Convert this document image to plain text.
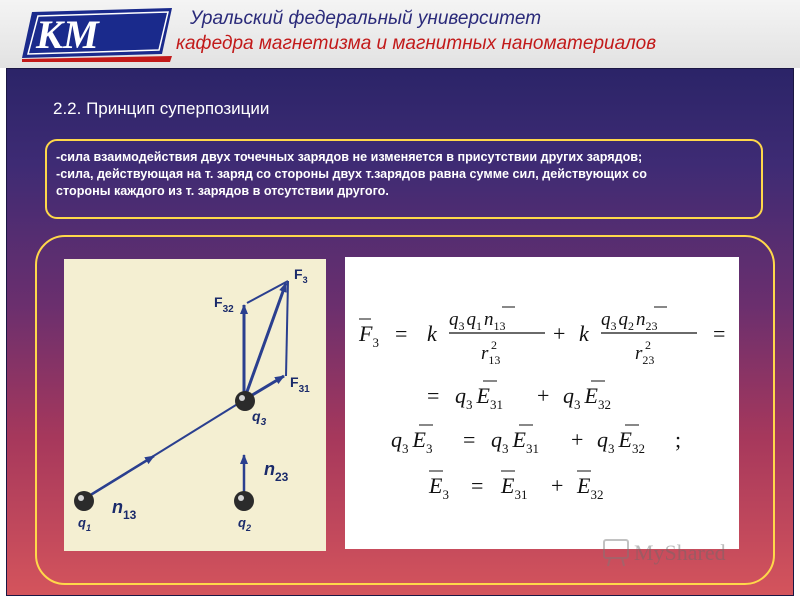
КМ	Уральский федеральный университет
кафедра магнетизма и магнитных наноматериалов
2.2. Принцип суперпозиции
-сила взаимодействия двух точечных зарядов не изменяется в присутствии других зарядов;
-сила, действующая на т. заряд со стороны двух т.зарядов равна сумме сил, действующих со
стороны каждого из т. зарядов в отсутствии другого.
$F_3$
$F_{32}$
$F_{31}$
$q_3$
$q_1$	$q_2$
$n_{13}$
$n_{23}$
$F_3 = k$
$q_3$ $q_1$ $n_{13}$
$r_{13}$
2	+ k
$q_3$ $q_2$ $n_{23}$
$r_{23}$
2	=
= $q_3$ $E_{31} + q_3$ $E_{32}$
$q_3$ $E_3 = q_3$ $E_{31} + q_3$ $E_{32}$ ;
$E_3 = E_{31} + E_{32}$
MyShared
